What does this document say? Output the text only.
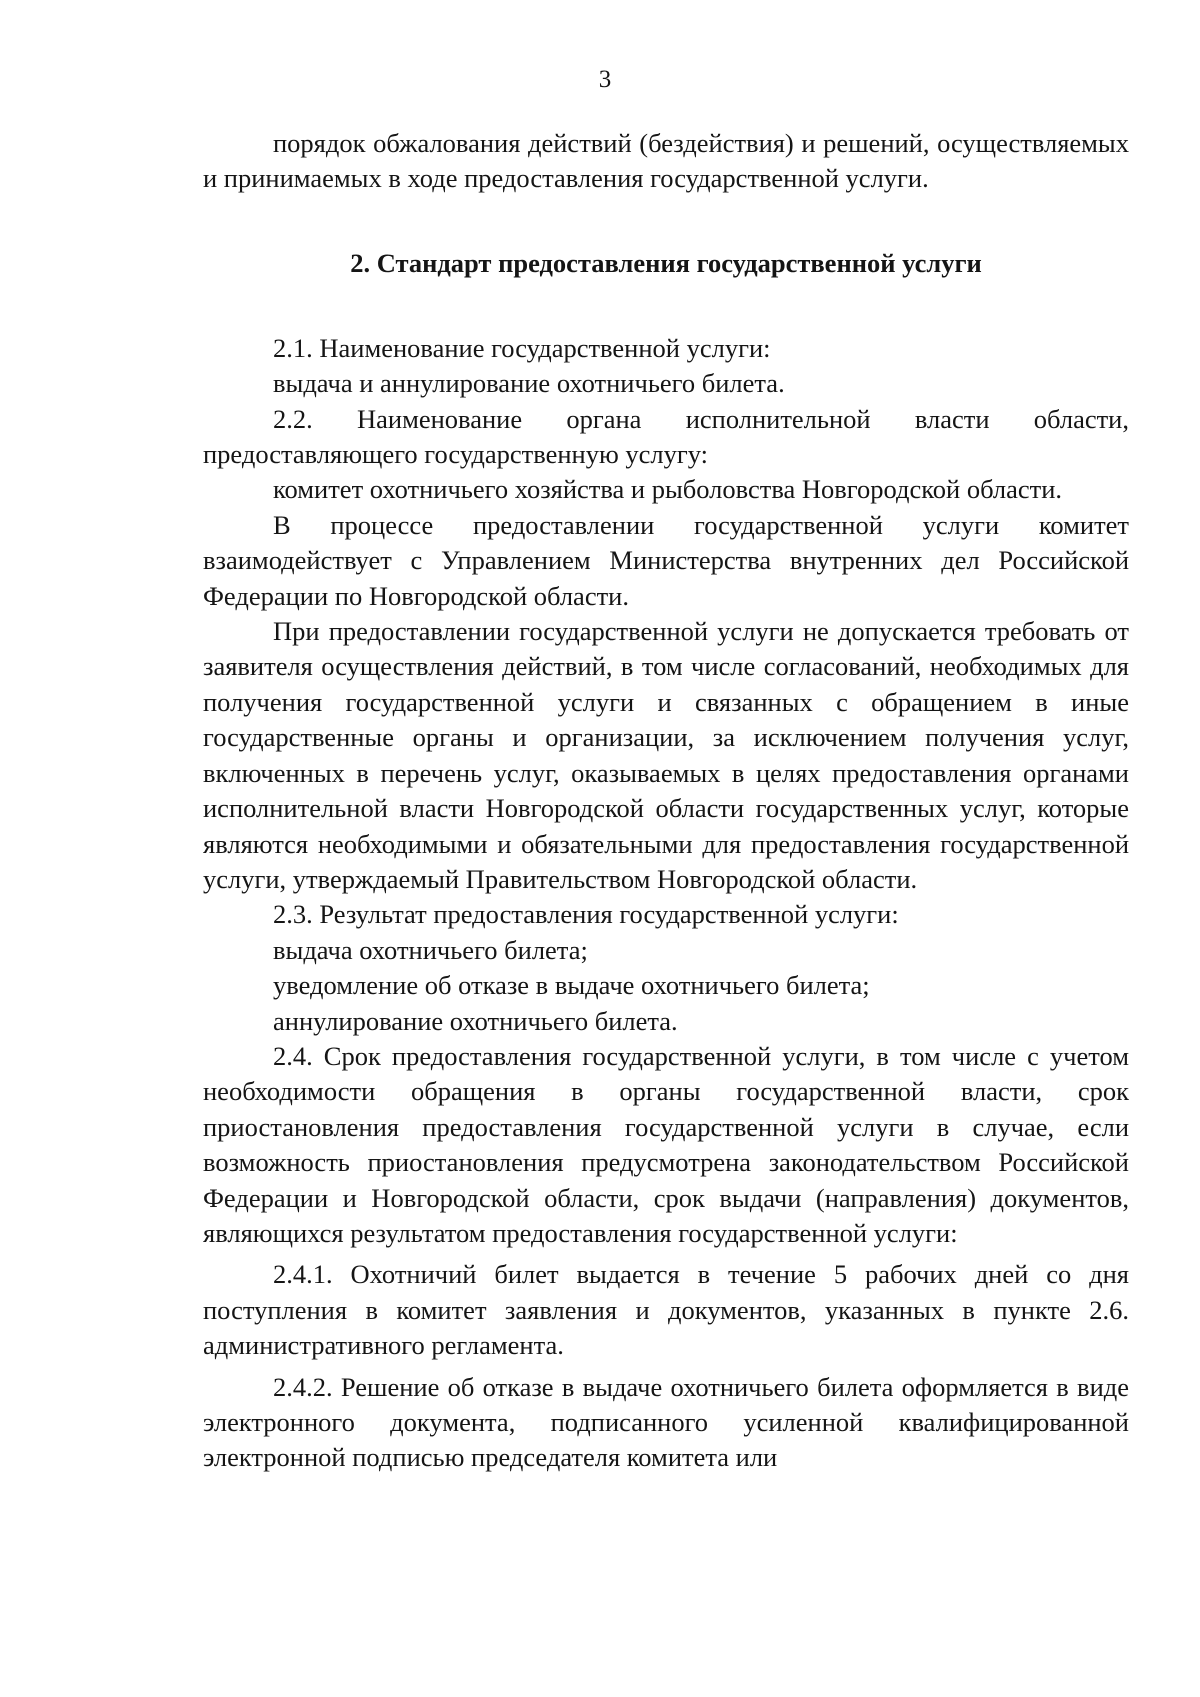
3

порядок обжалования действий (бездействия) и решений, осуществляемых и принимаемых в ходе предоставления государственной услуги.

2. Стандарт предоставления государственной услуги

2.1. Наименование государственной услуги:

выдача и аннулирование охотничьего билета.

2.2. Наименование органа исполнительной власти области, предоставляющего государственную услугу:

комитет охотничьего хозяйства и рыболовства Новгородской области.

В процессе предоставлении государственной услуги комитет взаимодействует с Управлением Министерства внутренних дел Российской Федерации по Новгородской области.

При предоставлении государственной услуги не допускается требовать от заявителя осуществления действий, в том числе согласований, необходимых для получения государственной услуги и связанных с обращением в иные государственные органы и организации, за исключением получения услуг, включенных в перечень услуг, оказываемых в целях предоставления органами исполнительной власти Новгородской области государственных услуг, которые являются необходимыми и обязательными для предоставления государственной услуги, утверждаемый Правительством Новгородской области.

2.3. Результат предоставления государственной услуги:

выдача охотничьего билета;

уведомление об отказе в выдаче охотничьего билета;

аннулирование охотничьего билета.

2.4. Срок предоставления государственной услуги, в том числе с учетом необходимости обращения в органы государственной власти, срок приостановления предоставления государственной услуги в случае, если возможность приостановления предусмотрена законодательством Российской Федерации и Новгородской области, срок выдачи (направления) документов, являющихся результатом предоставления государственной услуги:

2.4.1. Охотничий билет выдается в течение 5 рабочих дней со дня поступления в комитет заявления и документов, указанных в пункте 2.6. административного регламента.

2.4.2. Решение об отказе в выдаче охотничьего билета оформляется в виде электронного документа, подписанного усиленной квалифицированной электронной подписью председателя комитета или
